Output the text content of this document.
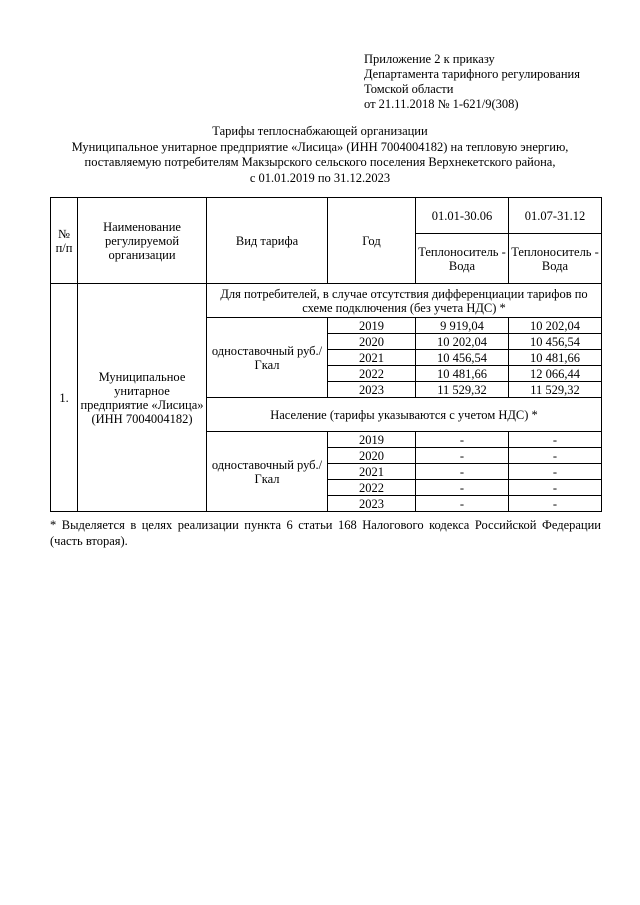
Приложение 2 к приказу
Департамента тарифного регулирования
Томской области
от 21.11.2018 № 1-621/9(308)
Тарифы теплоснабжающей организации
Муниципальное унитарное предприятие «Лисица» (ИНН 7004004182) на тепловую энергию,
поставляемую потребителям Макзырского сельского поселения Верхнекетского района,
с 01.01.2019 по 31.12.2023
№ п/п	Наименование регулируемой организации	Вид тарифа	Год	01.01-30.06	01.07-31.12
				Теплоноситель - Вода	Теплоноситель - Вода
1.	Муниципальное унитарное предприятие «Лисица» (ИНН 7004004182)	Для потребителей, в случае отсутствия дифференциации тарифов по схеме подключения (без учета НДС) *			
		одноставочный руб./Гкал	2019	9 919,04	10 202,04
			2020	10 202,04	10 456,54
			2021	10 456,54	10 481,66
			2022	10 481,66	12 066,44
			2023	11 529,32	11 529,32
		Население (тарифы указываются с учетом НДС) *			
		одноставочный руб./Гкал	2019	-	-
			2020	-	-
			2021	-	-
			2022	-	-
			2023	-	-
* Выделяется в целях реализации пункта 6 статьи 168 Налогового кодекса Российской Федерации (часть вторая).
